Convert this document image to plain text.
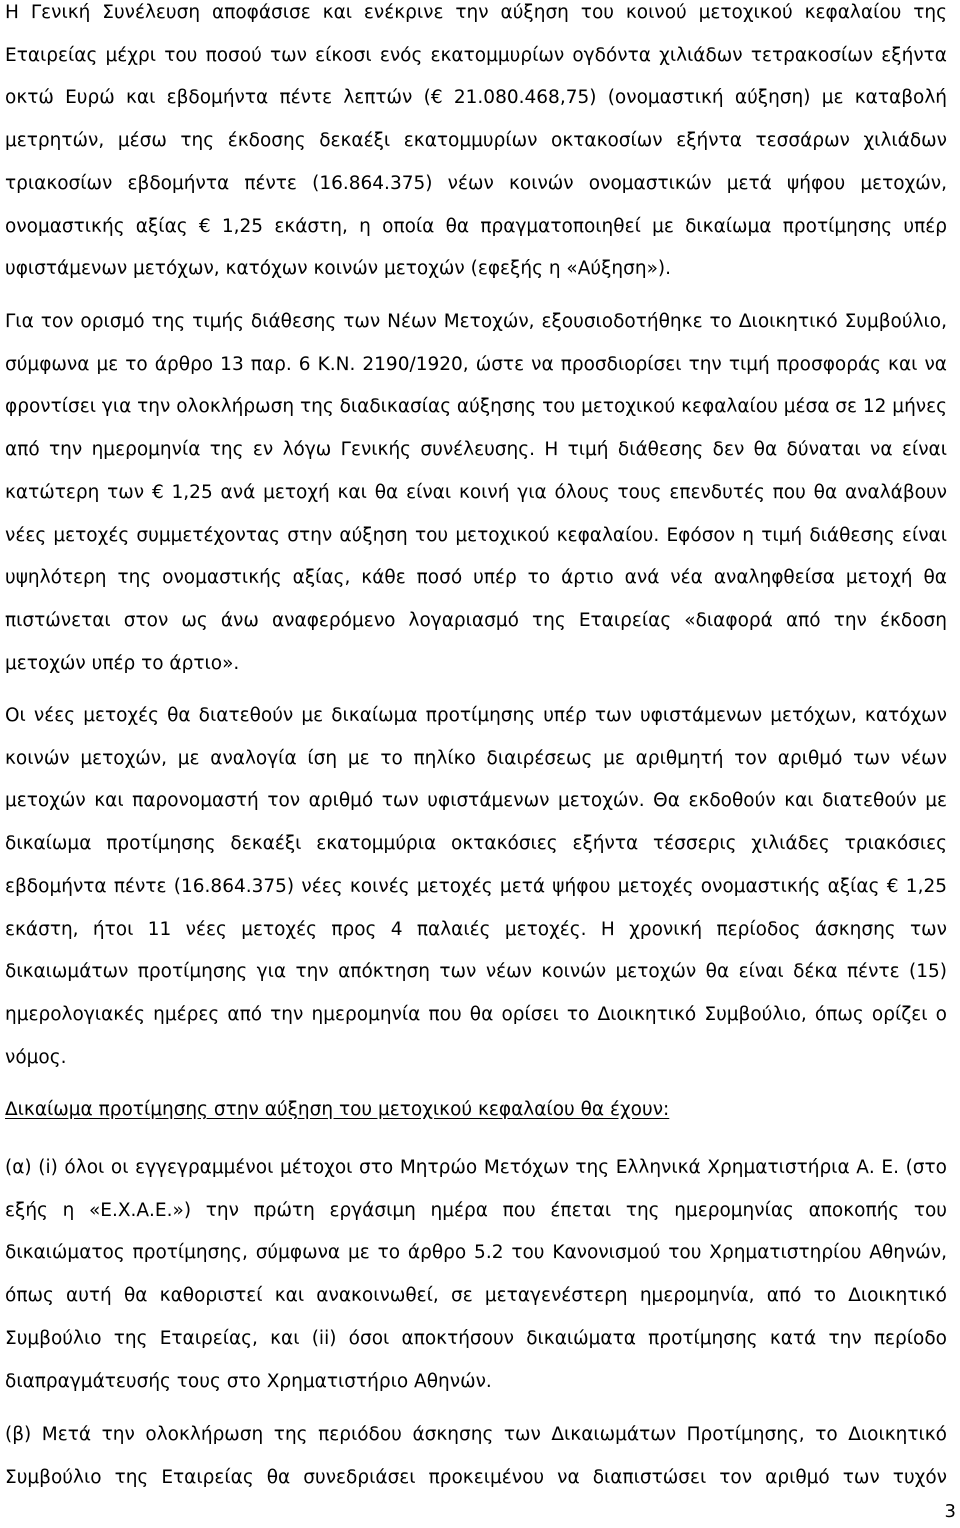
Η Γενική Συνέλευση αποφάσισε και ενέκρινε την αύξηση του κοινού μετοχικού κεφαλαίου της Εταιρείας μέχρι του ποσού των είκοσι ενός εκατομμυρίων ογδόντα χιλιάδων τετρακοσίων εξήντα οκτώ Ευρώ και εβδομήντα πέντε λεπτών (€ 21.080.468,75) (ονομαστική αύξηση) με καταβολή μετρητών, μέσω της έκδοσης δεκαέξι εκατομμυρίων οκτακοσίων εξήντα τεσσάρων χιλιάδων τριακοσίων εβδομήντα πέντε (16.864.375) νέων κοινών ονομαστικών μετά ψήφου μετοχών, ονομαστικής αξίας € 1,25 εκάστη, η οποία θα πραγματοποιηθεί με δικαίωμα προτίμησης υπέρ υφιστάμενων μετόχων, κατόχων κοινών μετοχών (εφεξής η «Αύξηση»).

Για τον ορισμό της τιμής διάθεσης των Νέων Μετοχών, εξουσιοδοτήθηκε το Διοικητικό Συμβούλιο, σύμφωνα με το άρθρο 13 παρ. 6 Κ.Ν. 2190/1920, ώστε να προσδιορίσει την τιμή προσφοράς και να φροντίσει για την ολοκλήρωση της διαδικασίας αύξησης του μετοχικού κεφαλαίου μέσα σε 12 μήνες από την ημερομηνία της εν λόγω Γενικής συνέλευσης. Η τιμή διάθεσης δεν θα δύναται να είναι κατώτερη των € 1,25 ανά μετοχή και θα είναι κοινή για όλους τους επενδυτές που θα αναλάβουν νέες μετοχές συμμετέχοντας στην αύξηση του μετοχικού κεφαλαίου. Εφόσον η τιμή διάθεσης είναι υψηλότερη της ονομαστικής αξίας, κάθε ποσό υπέρ το άρτιο ανά νέα αναληφθείσα μετοχή θα πιστώνεται στον ως άνω αναφερόμενο λογαριασμό της Εταιρείας «διαφορά από την έκδοση μετοχών υπέρ το άρτιο».

Οι νέες μετοχές θα διατεθούν με δικαίωμα προτίμησης υπέρ των υφιστάμενων μετόχων, κατόχων κοινών μετοχών, με αναλογία ίση με το πηλίκο διαιρέσεως με αριθμητή τον αριθμό των νέων μετοχών και παρονομαστή τον αριθμό των υφιστάμενων μετοχών. Θα εκδοθούν και διατεθούν με δικαίωμα προτίμησης δεκαέξι εκατομμύρια οκτακόσιες εξήντα τέσσερις χιλιάδες τριακόσιες εβδομήντα πέντε (16.864.375) νέες κοινές μετοχές μετά ψήφου μετοχές ονομαστικής αξίας € 1,25 εκάστη, ήτοι 11 νέες μετοχές προς 4 παλαιές μετοχές. Η χρονική περίοδος άσκησης των δικαιωμάτων προτίμησης για την απόκτηση των νέων κοινών μετοχών θα είναι δέκα πέντε (15) ημερολογιακές ημέρες από την ημερομηνία που θα ορίσει το Διοικητικό Συμβούλιο, όπως ορίζει ο νόμος.

Δικαίωμα προτίμησης στην αύξηση του μετοχικού κεφαλαίου θα έχουν:

(α) (i) όλοι οι εγγεγραμμένοι μέτοχοι στο Μητρώο Μετόχων της Ελληνικά Χρηματιστήρια Α. Ε. (στο εξής η «Ε.Χ.Α.Ε.») την πρώτη εργάσιμη ημέρα που έπεται της ημερομηνίας αποκοπής του δικαιώματος προτίμησης, σύμφωνα με το άρθρο 5.2 του Κανονισμού του Χρηματιστηρίου Αθηνών, όπως αυτή θα καθοριστεί και ανακοινωθεί, σε μεταγενέστερη ημερομηνία, από το Διοικητικό Συμβούλιο της Εταιρείας, και (ii) όσοι αποκτήσουν δικαιώματα προτίμησης κατά την περίοδο διαπραγμάτευσής τους στο Χρηματιστήριο Αθηνών.

(β) Μετά την ολοκλήρωση της περιόδου άσκησης των Δικαιωμάτων Προτίμησης, το Διοικητικό Συμβούλιο της Εταιρείας θα συνεδριάσει προκειμένου να διαπιστώσει τον αριθμό των τυχόν

3
